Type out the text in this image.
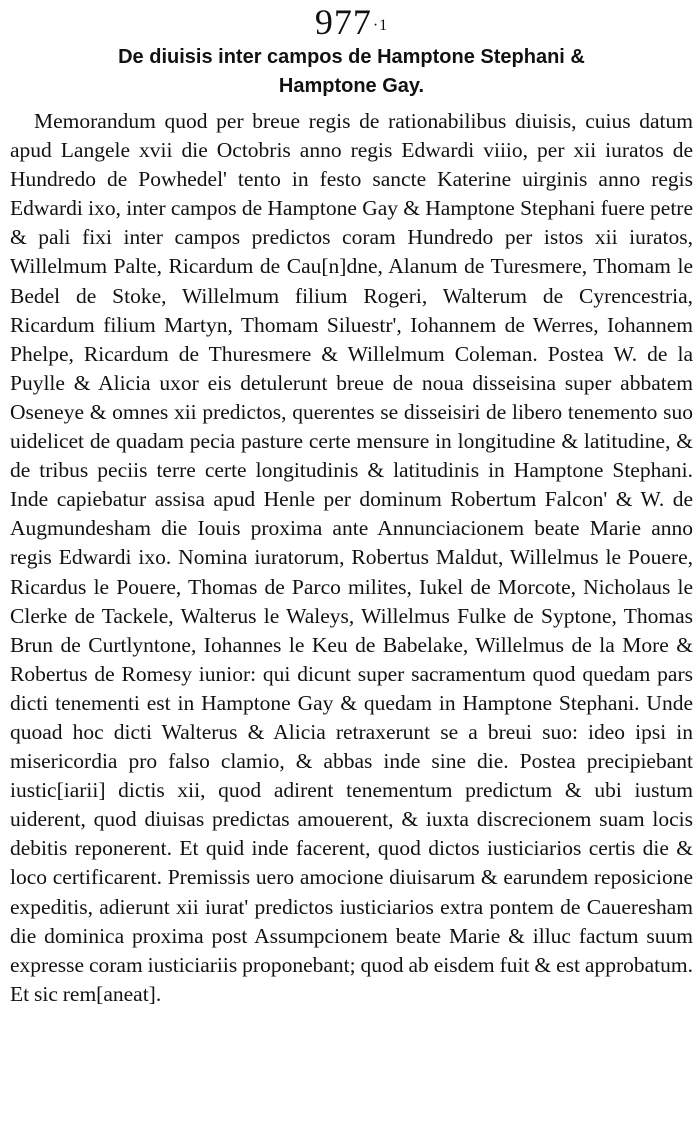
$977^{\cdot 1}$
De diuisis inter campos de Hamptone Stephani &
Hamptone Gay.

Memorandum quod per breue regis de rationabilibus diuisis, cuius datum apud Langele xvii die Octobris anno regis Edwardi viiio, per xii iuratos de Hundredo de Powhedel' tento in festo sancte Katerine uirginis anno regis Edwardi ixo, inter campos de Hamptone Gay & Hamptone Stephani fuere petre & pali fixi inter campos predictos coram Hundredo per istos xii iuratos, Willelmum Palte, Ricardum de Cau[n]dne, Alanum de Turesmere, Thomam le Bedel de Stoke, Willelmum filium Rogeri, Walterum de Cyrencestria, Ricardum filium Martyn, Thomam Siluestr', Iohannem de Werres, Iohannem Phelpe, Ricardum de Thuresmere & Willelmum Coleman. Postea W. de la Puylle & Alicia uxor eis detulerunt breue de noua disseisina super abbatem Oseneye & omnes xii predictos, querentes se disseisiri de libero tenemento suo uidelicet de quadam pecia pasture certe mensure in longitudine & latitudine, & de tribus peciis terre certe longitudinis & latitudinis in Hamptone Stephani. Inde capiebatur assisa apud Henle per dominum Robertum Falcon' & W. de Augmundesham die Iouis proxima ante Annunciacionem beate Marie anno regis Edwardi ixo. Nomina iuratorum, Robertus Maldut, Willelmus le Pouere, Ricardus le Pouere, Thomas de Parco milites, Iukel de Morcote, Nicholaus le Clerke de Tackele, Walterus le Waleys, Willelmus Fulke de Syptone, Thomas Brun de Curtlyntone, Iohannes le Keu de Babelake, Willelmus de la More & Robertus de Romesy iunior: qui dicunt super sacramentum quod quedam pars dicti tenementi est in Hamptone Gay & quedam in Hamptone Stephani. Unde quoad hoc dicti Walterus & Alicia retraxerunt se a breui suo: ideo ipsi in misericordia pro falso clamio, & abbas inde sine die. Postea precipiebant iustic[iarii] dictis xii, quod adirent tenementum predictum & ubi iustum uiderent, quod diuisas predictas amouerent, & iuxta discrecionem suam locis debitis reponerent. Et quid inde facerent, quod dictos iusticiarios certis die & loco certificarent. Premissis uero amocione diuisarum & earundem reposicione expeditis, adierunt xii iurat' predictos iusticiarios extra pontem de Caueresham die dominica proxima post Assumpcionem beate Marie & illuc factum suum expresse coram iusticiariis proponebant; quod ab eisdem fuit & est approbatum. Et sic rem[aneat].
